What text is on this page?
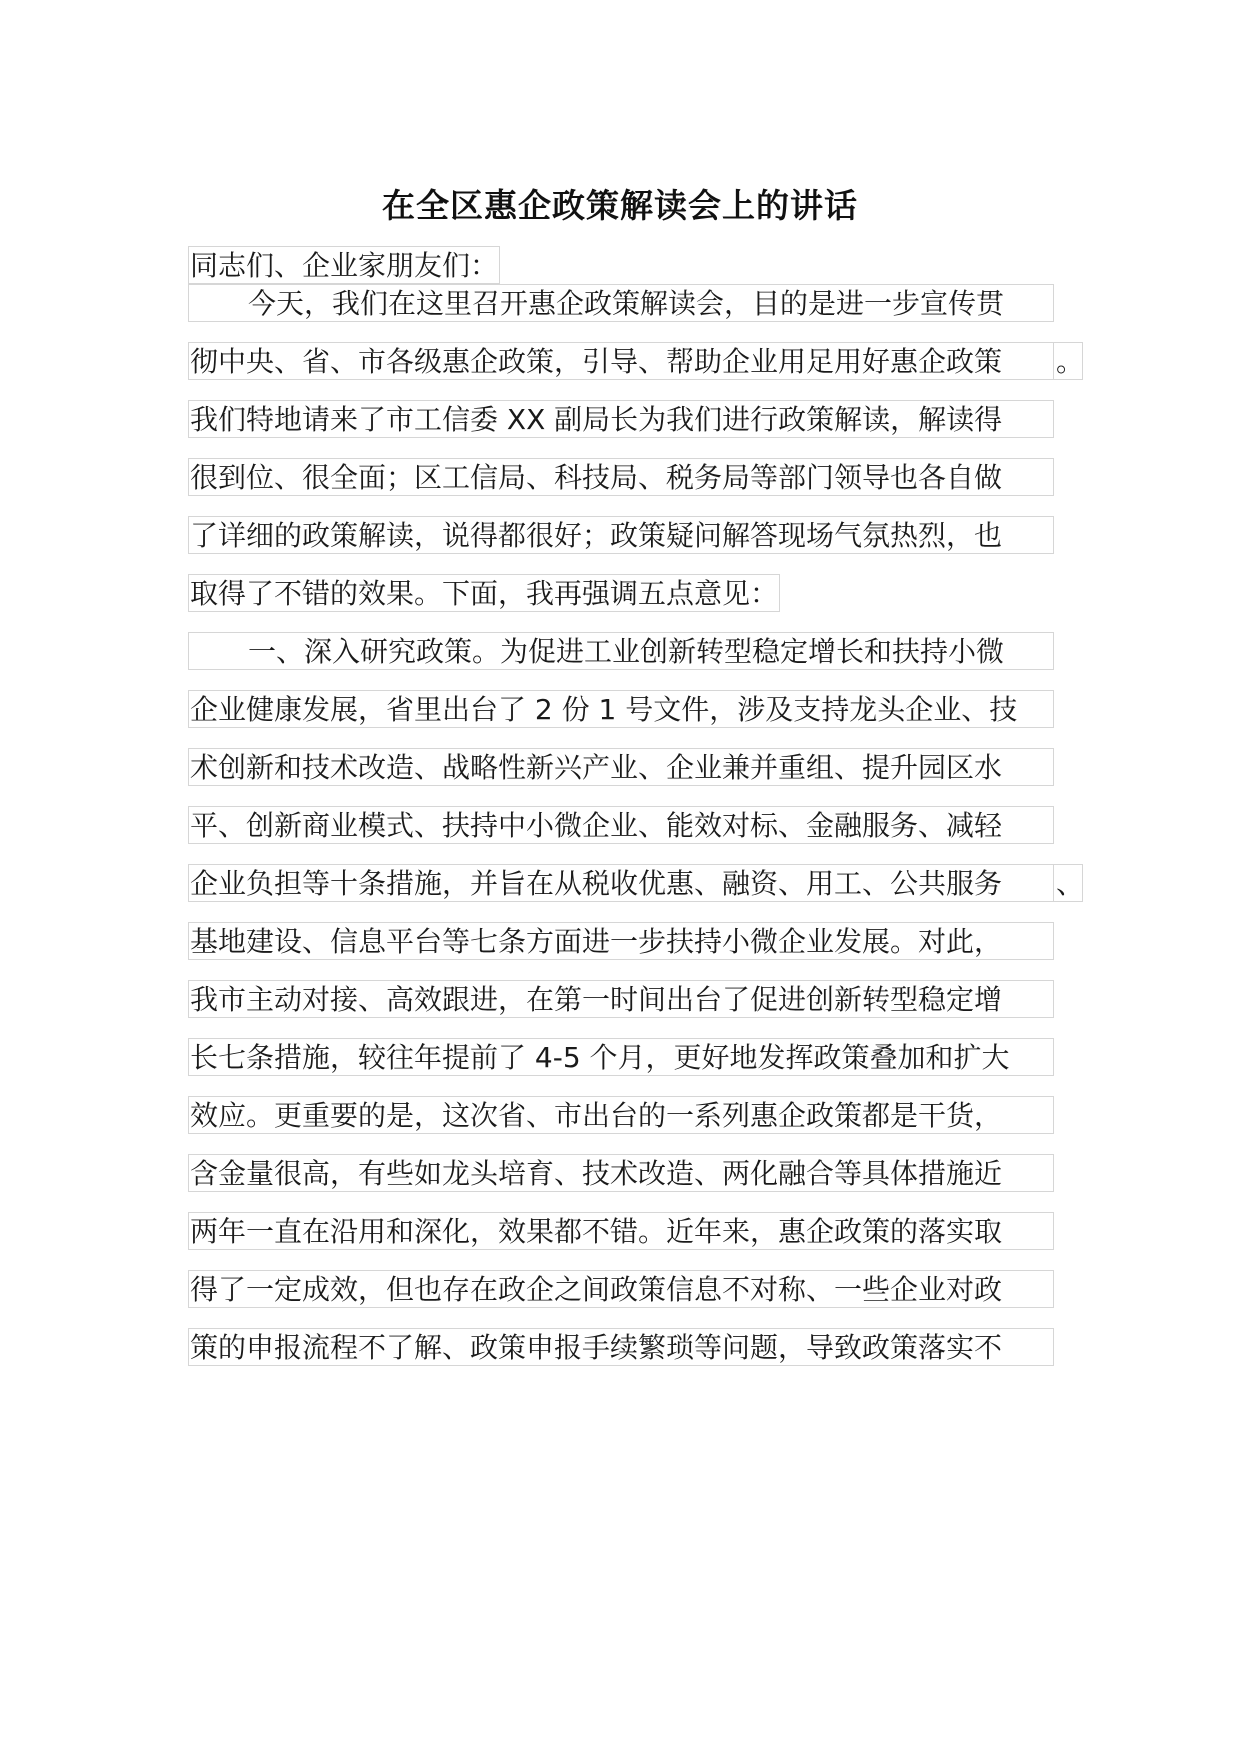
在全区惠企政策解读会上的讲话
同志们、企业家朋友们：
今天，我们在这里召开惠企政策解读会，目的是进一步宣传贯
彻中央、省、市各级惠企政策，引导、帮助企业用足用好惠企政策	。
我们特地请来了市工信委 XX 副局长为我们进行政策解读，解读得
很到位、很全面；区工信局、科技局、税务局等部门领导也各自做
了详细的政策解读，说得都很好；政策疑问解答现场气氛热烈，也
取得了不错的效果。下面，我再强调五点意见：
一、深入研究政策。为促进工业创新转型稳定增长和扶持小微
企业健康发展，省里出台了 2 份 1 号文件，涉及支持龙头企业、技
术创新和技术改造、战略性新兴产业、企业兼并重组、提升园区水
平、创新商业模式、扶持中小微企业、能效对标、金融服务、减轻
企业负担等十条措施，并旨在从税收优惠、融资、用工、公共服务	、
基地建设、信息平台等七条方面进一步扶持小微企业发展。对此，
我市主动对接、高效跟进，在第一时间出台了促进创新转型稳定增
长七条措施，较往年提前了 4-5 个月，更好地发挥政策叠加和扩大
效应。更重要的是，这次省、市出台的一系列惠企政策都是干货，
含金量很高，有些如龙头培育、技术改造、两化融合等具体措施近
两年一直在沿用和深化，效果都不错。近年来，惠企政策的落实取
得了一定成效，但也存在政企之间政策信息不对称、一些企业对政
策的申报流程不了解、政策申报手续繁琐等问题，导致政策落实不
